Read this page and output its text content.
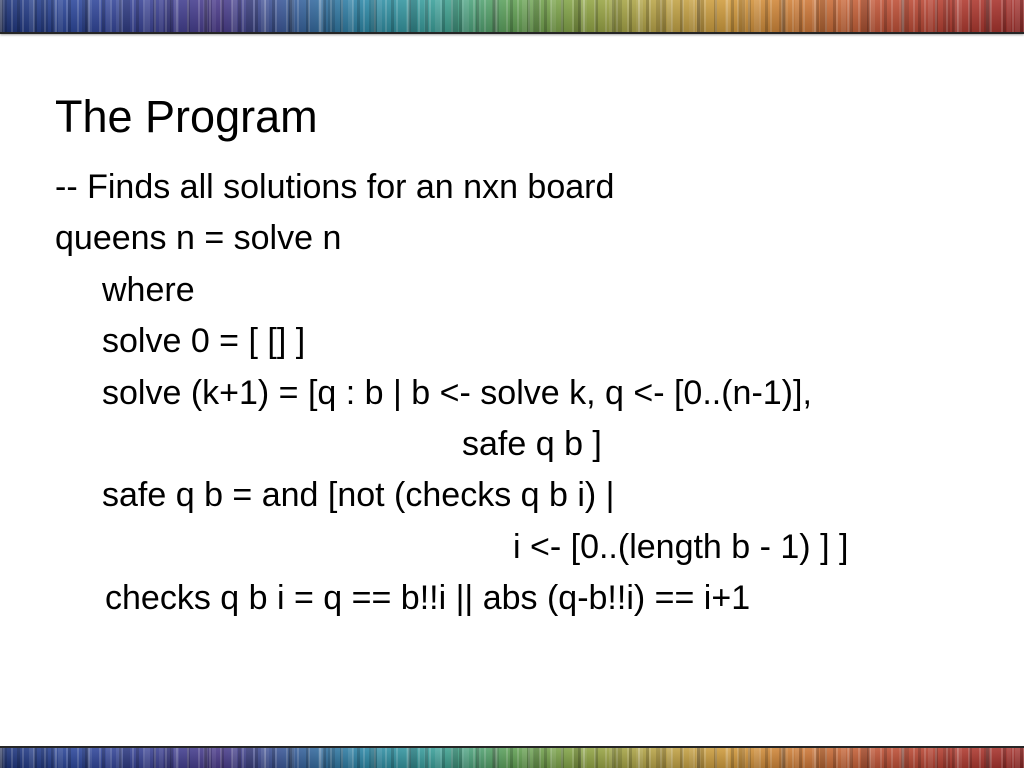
The Program
-- Finds all solutions for an nxn board
queens n = solve n
where
solve 0 = [ [] ]
solve (k+1) = [q : b | b <- solve k, q <- [0..(n-1)],
safe q b ]
safe q b = and [not (checks q b i) |
i <- [0..(length b - 1) ] ]
checks q b i = q == b!!i || abs (q-b!!i) == i+1
